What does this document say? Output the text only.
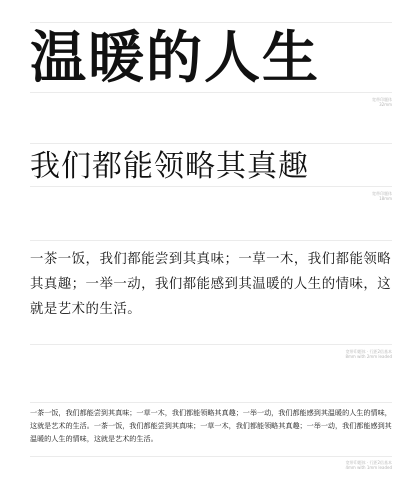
温暖的人生
宽带印题体
32mm
我们都能领略其真趣
宽带印题体
18mm
一茶一饭，我们都能尝到其真味；一草一木，我们都能领略其真趣；一举一动，我们都能感到其温暖的人生的情味，这就是艺术的生活。
宽带印题体 · 行距2倍基本
8mm with 2mm leaded
一茶一饭，我们都能尝到其真味；一草一木，我们都能领略其真趣；一举一动，我们都能感到其温暖的人生的情味，这就是艺术的生活。一茶一饭，我们都能尝到其真味；一草一木，我们都能领略其真趣；一举一动，我们都能感到其温暖的人生的情味，这就是艺术的生活。
宽带印题体 · 行距2倍基本
4mm with 1mm leaded
